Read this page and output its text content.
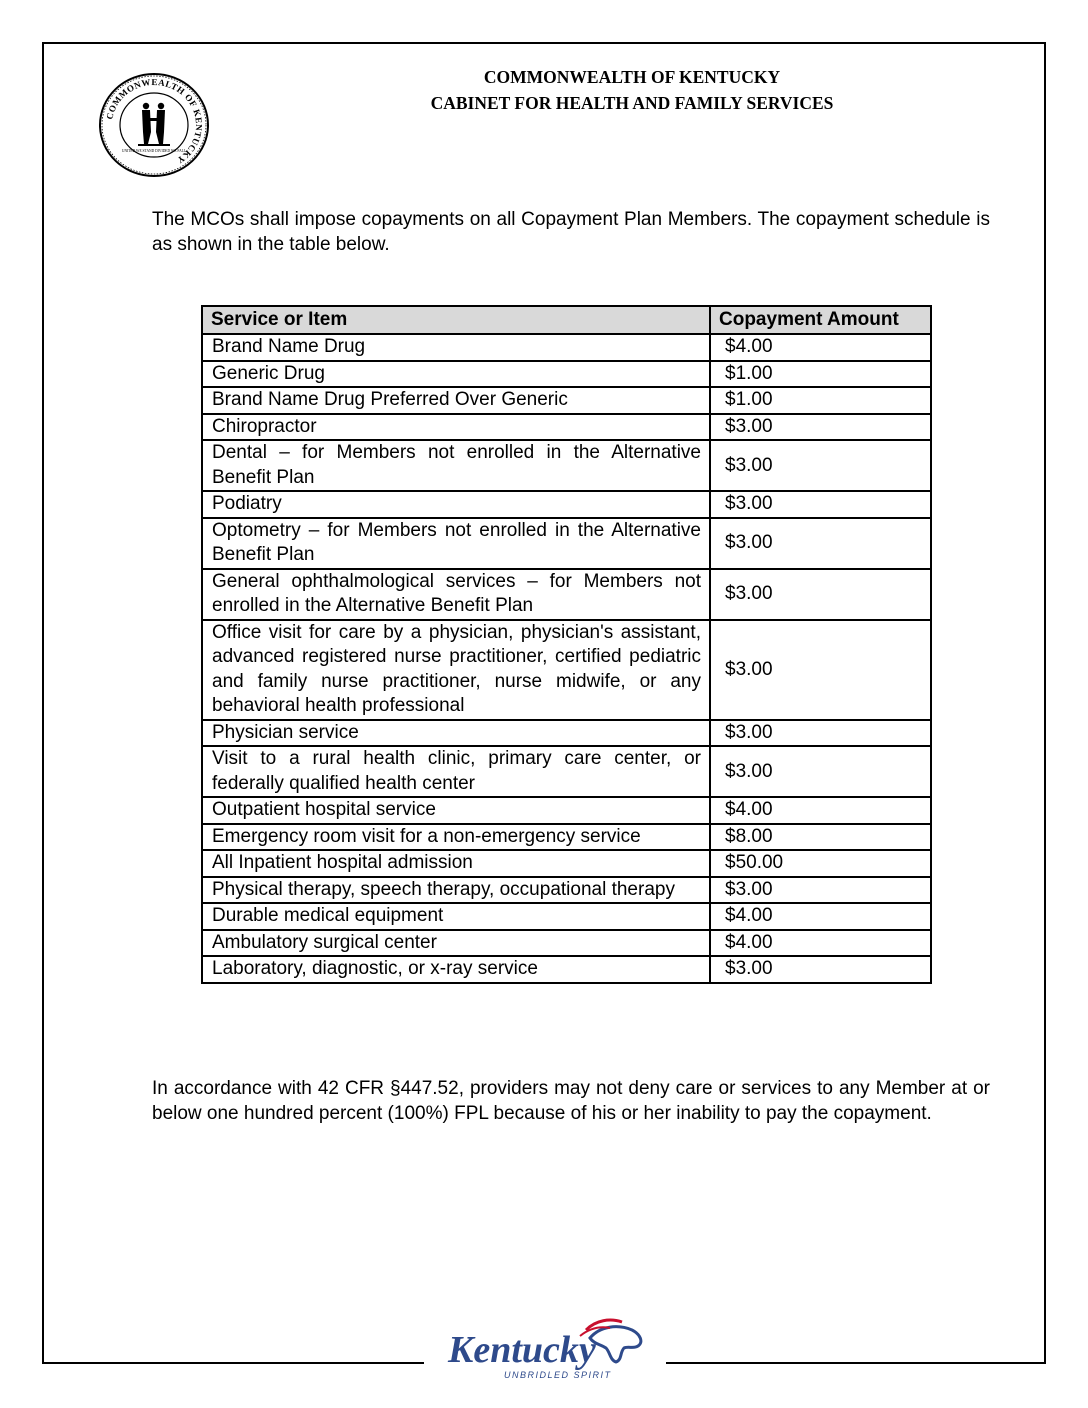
COMMONWEALTH OF KENTUCKY
UNITED WE STAND DIVIDED WE FALL
COMMONWEALTH OF KENTUCKY
CABINET FOR HEALTH AND FAMILY SERVICES

The MCOs shall impose copayments on all Copayment Plan Members. The copayment schedule is as shown in the table below.

Service or Item	Copayment Amount
Brand Name Drug	$4.00
Generic Drug	$1.00
Brand Name Drug Preferred Over Generic	$1.00
Chiropractor	$3.00
Dental – for Members not enrolled in the Alternative Benefit Plan	$3.00
Podiatry	$3.00
Optometry – for Members not enrolled in the Alternative Benefit Plan	$3.00
General ophthalmological services – for Members not enrolled in the Alternative Benefit Plan	$3.00
Office visit for care by a physician, physician's assistant, advanced registered nurse practitioner, certified pediatric and family nurse practitioner, nurse midwife, or any behavioral health professional	$3.00
Physician service	$3.00
Visit to a rural health clinic, primary care center, or federally qualified health center	$3.00
Outpatient hospital service	$4.00
Emergency room visit for a non-emergency service	$8.00
All Inpatient hospital admission	$50.00
Physical therapy, speech therapy, occupational therapy	$3.00
Durable medical equipment	$4.00
Ambulatory surgical center	$4.00
Laboratory, diagnostic, or x-ray service	$3.00

In accordance with 42 CFR §447.52, providers may not deny care or services to any Member at or below one hundred percent (100%) FPL because of his or her inability to pay the copayment.

Kentucky
UNBRIDLED SPIRIT
